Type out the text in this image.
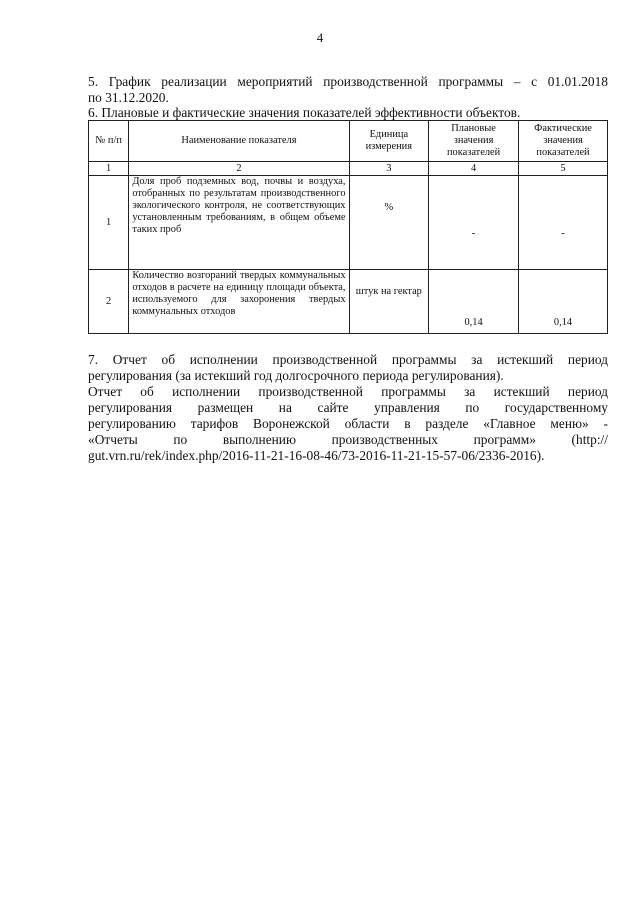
4

5. График реализации мероприятий производственной программы – с 01.01.2018

по 31.12.2020.

6. Плановые и фактические значения показателей эффективности объектов.

№ п/п	Наименование показателя	Единица измерения	Плановые значения показателей	Фактические значения показателей
1	2	3	4	5
1	Доля проб подземных вод, почвы и воздуха, отобранных по результатам производственного экологического контроля, не соответствующих установленным требованиям, в общем объеме таких проб	%	-	-
2	Количество возгораний твердых коммунальных отходов в расчете на единицу площади объекта, используемого для захоронения твердых коммунальных отходов	штук на гектар	0,14	0,14

7. Отчет об исполнении производственной программы за истекший период

регулирования (за истекший год долгосрочного периода регулирования).

Отчет об исполнении производственной программы за истекший период

регулирования размещен на сайте управления по государственному

регулированию тарифов Воронежской области в разделе «Главное меню» -

«Отчеты по выполнению производственных программ» (http://

gut.vrn.ru/rek/index.php/2016-11-21-16-08-46/73-2016-11-21-15-57-06/2336-2016).
